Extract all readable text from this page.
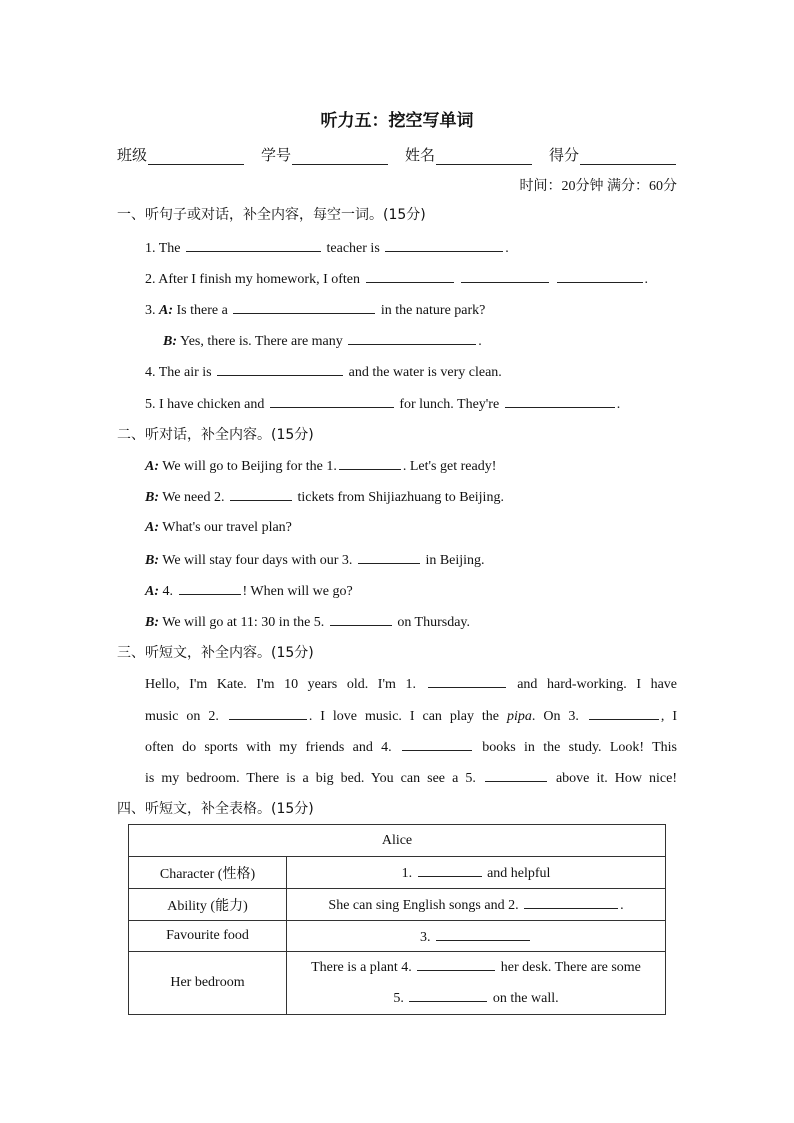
听力五：挖空写单词
班级	学号	姓名	得分
时间：20分钟 满分：60分
一、听句子或对话，补全内容，每空一词。(15分)
1. The	teacher is	.
2. After I finish my homework, I often	.
3. A: Is there a	in the nature park?
B: Yes, there is. There are many	.
4. The air is	and the water is very clean.
5. I have chicken and	for lunch. They're	.
二、听对话，补全内容。(15分)
A: We will go to Beijing for the 1.	. Let's get ready!
B: We need 2.	tickets from Shijiazhuang to Beijing.
A: What's our travel plan?
B: We will stay four days with our 3.	in Beijing.
A: 4.	! When will we go?
B: We will go at 11: 30 in the 5.	on Thursday.
三、听短文，补全内容。(15分)
Hello, I'm Kate. I'm 10 years old. I'm 1.	and hard-working. I have
music on 2.	. I love music. I can play the pipa. On 3.	, I
often do sports with my friends and 4.	books in the study. Look! This
is my bedroom. There is a big bed. You can see a 5.	above it. How nice!
四、听短文，补全表格。(15分)
Alice	
Character (性格)	1. and helpful
Ability (能力)	She can sing English songs and 2. .
Favourite food	3.
Her bedroom	There is a plant 4. her desk. There are some
5. on the wall.
